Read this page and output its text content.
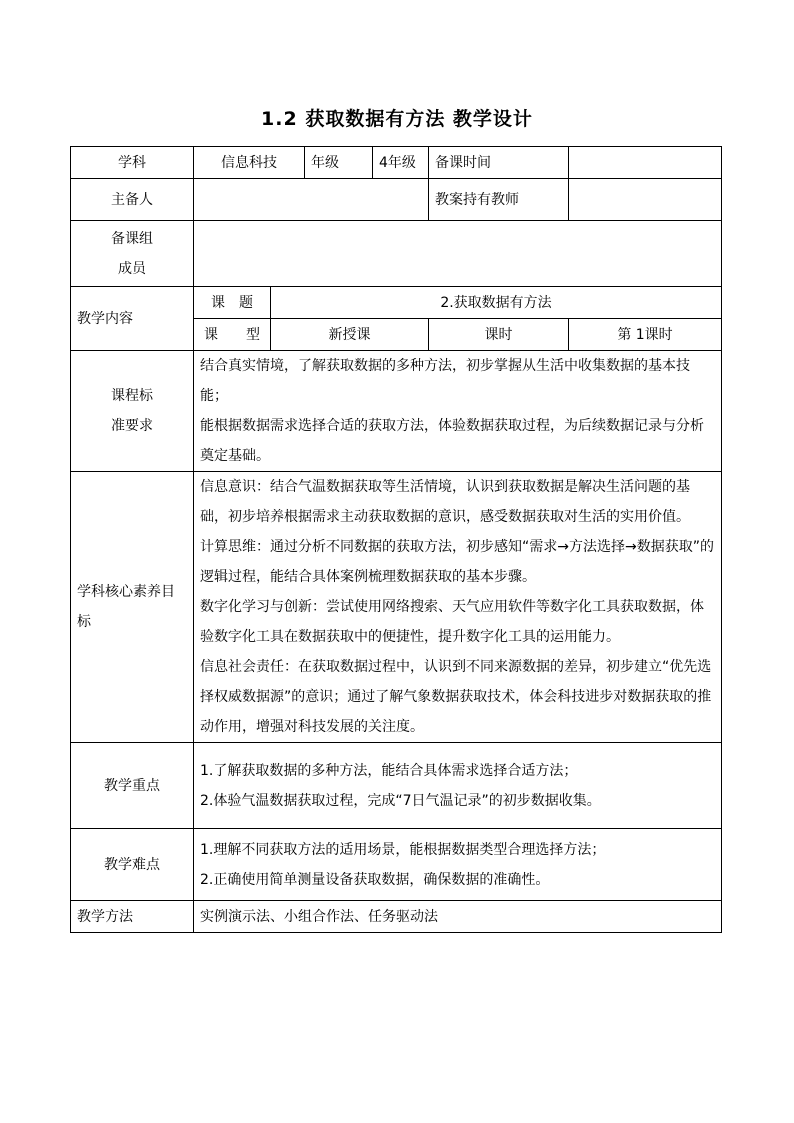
1.2 获取数据有方法 教学设计
学科	信息科技		年级	4年级	备课时间	
主备人					教案持有教师	

备课组
成员						

教学内容	课　题	2.获取数据有方法				
	课　　型	新授课			课时	第 1课时

课程标
准要求	结合真实情境，了解获取数据的多种方法，初步掌握从生活中收集数据的基本技能；
能根据数据需求选择合适的获取方法，体验数据获取过程，为后续数据记录与分析奠定基础。					

学科核心素养目标	信息意识：结合气温数据获取等生活情境，认识到获取数据是解决生活问题的基础，初步培养根据需求主动获取数据的意识，感受数据获取对生活的实用价值。
计算思维：通过分析不同数据的获取方法，初步感知“需求→方法选择→数据获取”的逻辑过程，能结合具体案例梳理数据获取的基本步骤。
数字化学习与创新：尝试使用网络搜索、天气应用软件等数字化工具获取数据，体验数字化工具在数据获取中的便捷性，提升数字化工具的运用能力。
信息社会责任：在获取数据过程中，认识到不同来源数据的差异，初步建立“优先选择权威数据源”的意识；通过了解气象数据获取技术，体会科技进步对数据获取的推动作用，增强对科技发展的关注度。					

教学重点	1.了解获取数据的多种方法，能结合具体需求选择合适方法；
2.体验气温数据获取过程，完成“7日气温记录”的初步数据收集。					

教学难点	1.理解不同获取方法的适用场景，能根据数据类型合理选择方法；
2.正确使用简单测量设备获取数据，确保数据的准确性。					

教学方法	实例演示法、小组合作法、任务驱动法					
